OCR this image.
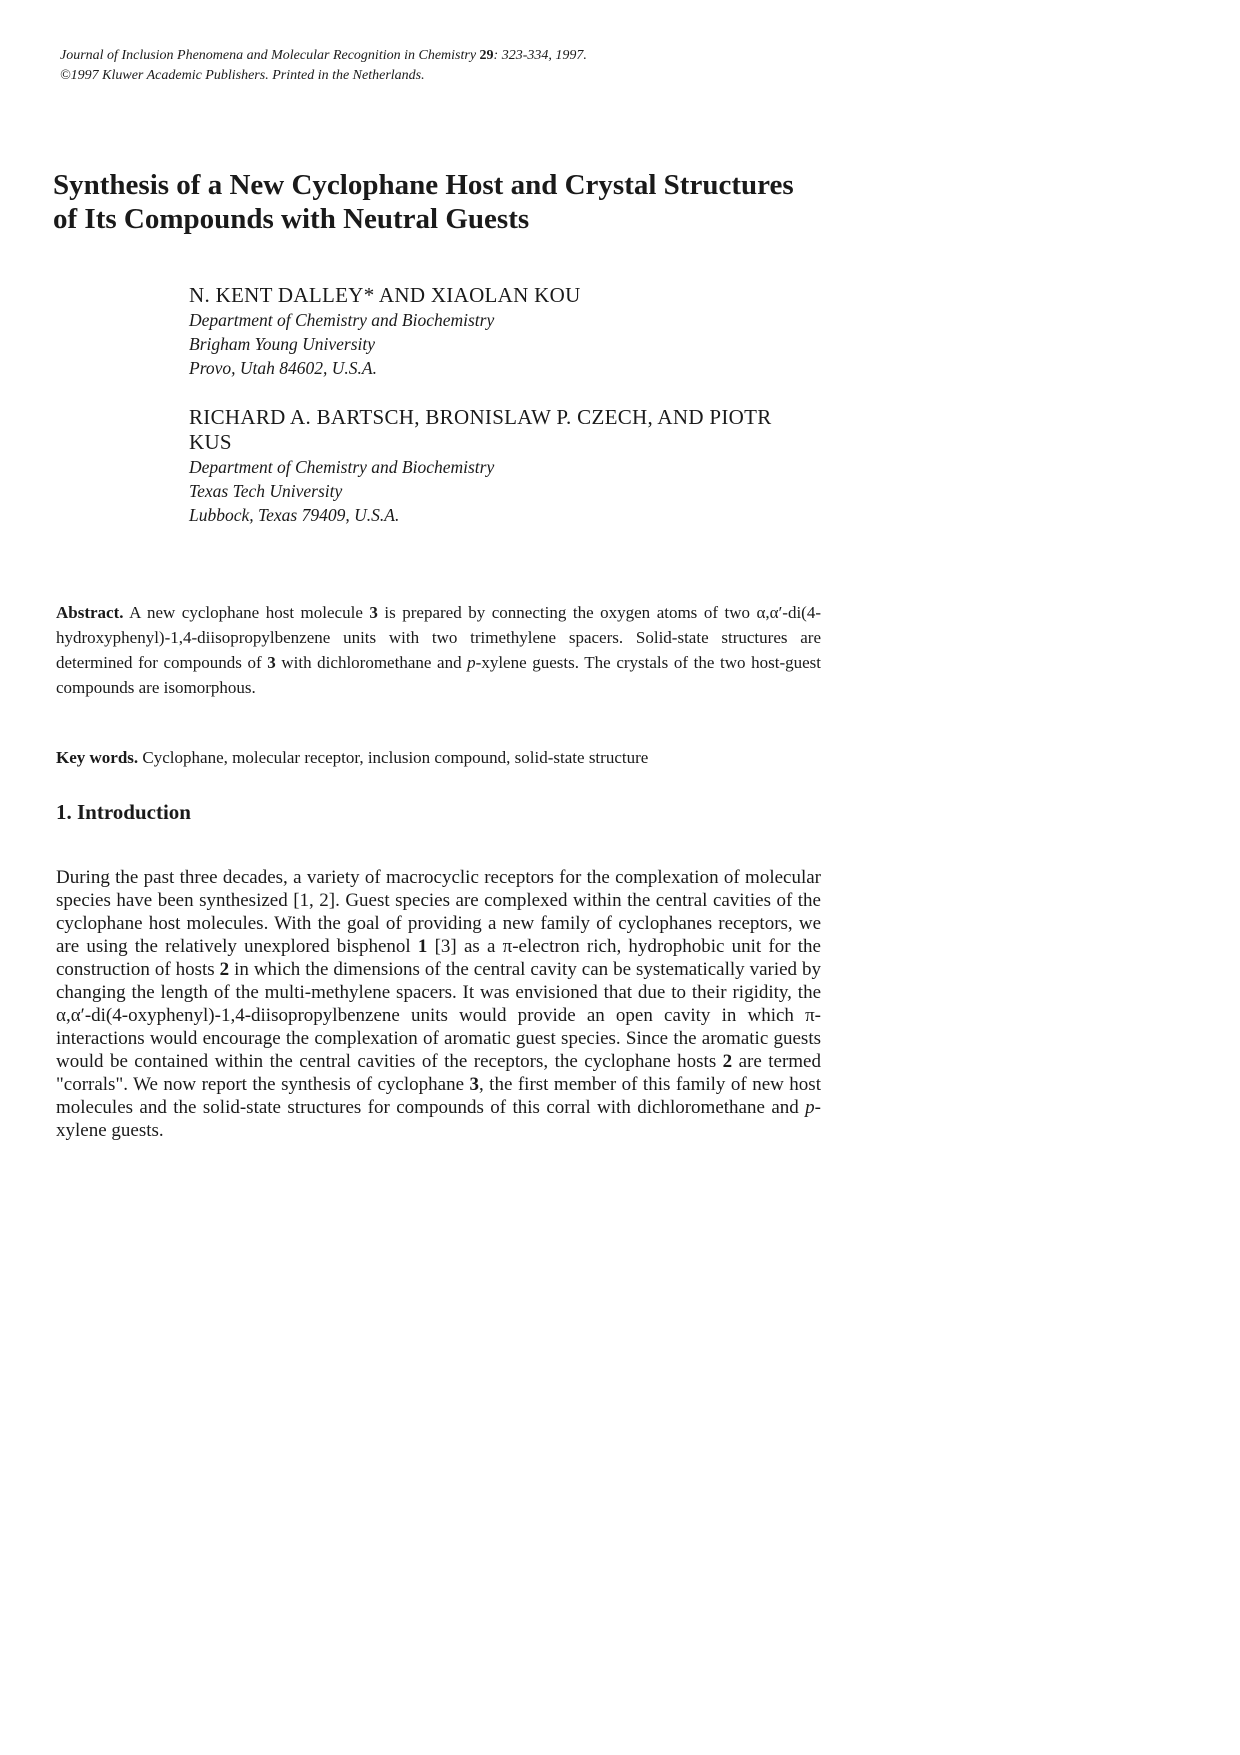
Journal of Inclusion Phenomena and Molecular Recognition in Chemistry 29: 323-334, 1997.
©1997 Kluwer Academic Publishers. Printed in the Netherlands.
Synthesis of a New Cyclophane Host and Crystal Structures of Its Compounds with Neutral Guests
N. KENT DALLEY* AND XIAOLAN KOU
Department of Chemistry and Biochemistry
Brigham Young University
Provo, Utah 84602, U.S.A.
RICHARD A. BARTSCH, BRONISLAW P. CZECH, AND PIOTR KUS
Department of Chemistry and Biochemistry
Texas Tech University
Lubbock, Texas 79409, U.S.A.

Abstract. A new cyclophane host molecule 3 is prepared by connecting the oxygen atoms of two α,α′-di(4-hydroxyphenyl)-1,4-diisopropylbenzene units with two trimethylene spacers. Solid-state structures are determined for compounds of 3 with dichloromethane and p-xylene guests. The crystals of the two host-guest compounds are isomorphous.

Key words. Cyclophane, molecular receptor, inclusion compound, solid-state structure

1. Introduction

During the past three decades, a variety of macrocyclic receptors for the complexation of molecular species have been synthesized [1, 2]. Guest species are complexed within the central cavities of the cyclophane host molecules. With the goal of providing a new family of cyclophanes receptors, we are using the relatively unexplored bisphenol 1 [3] as a π-electron rich, hydrophobic unit for the construction of hosts 2 in which the dimensions of the central cavity can be systematically varied by changing the length of the multi-methylene spacers. It was envisioned that due to their rigidity, the α,α′-di(4-oxyphenyl)-1,4-diisopropylbenzene units would provide an open cavity in which π-interactions would encourage the complexation of aromatic guest species. Since the aromatic guests would be contained within the central cavities of the receptors, the cyclophane hosts 2 are termed "corrals". We now report the synthesis of cyclophane 3, the first member of this family of new host molecules and the solid-state structures for compounds of this corral with dichloromethane and p-xylene guests.
